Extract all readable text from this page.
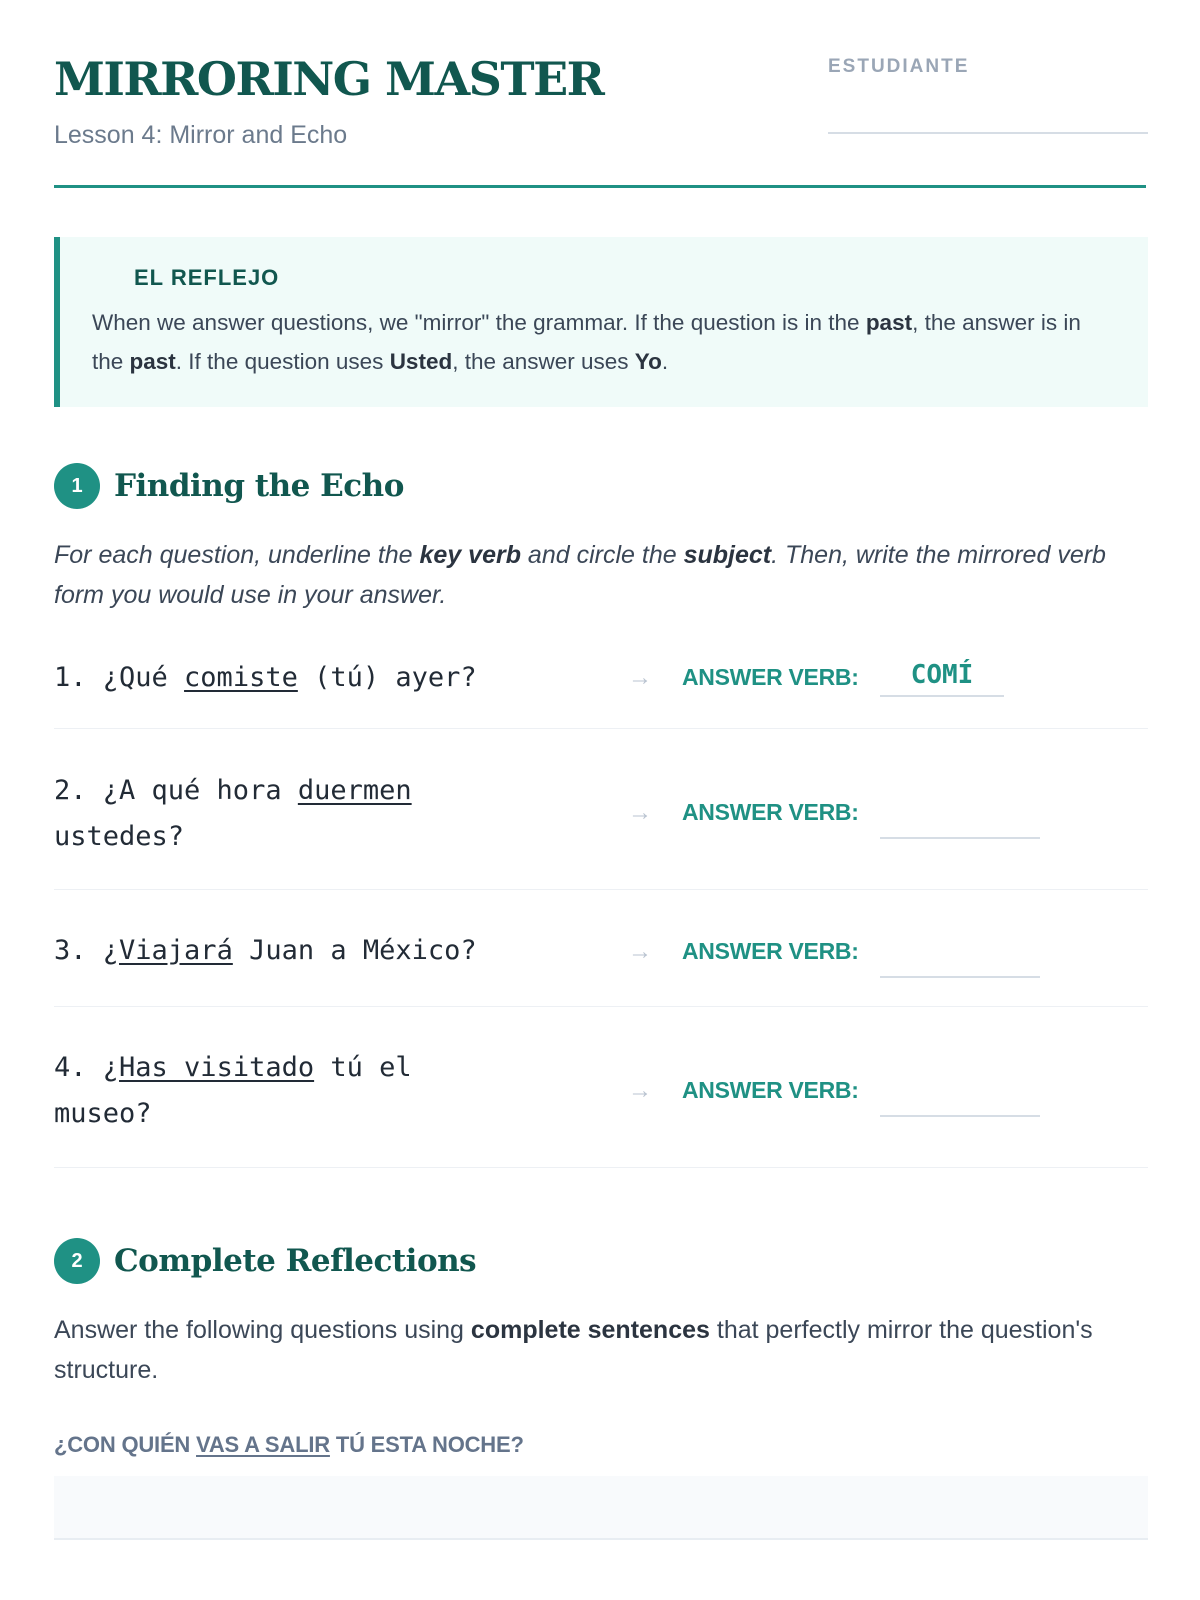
MIRRORING MASTER
Lesson 4: Mirror and Echo
ESTUDIANTE
EL REFLEJO

When we answer questions, we "mirror" the grammar. If the question is in the past, the answer is in the past. If the question uses Usted, the answer uses Yo.

1	Finding the Echo

For each question, underline the key verb and circle the subject. Then, write the mirrored verb form you would use in your answer.

1. ¿Qué comiste (tú) ayer?	→ ANSWER VERB:	COMÍ
2. ¿A qué hora duermen ustedes?
→ ANSWER VERB:
3. ¿Viajará Juan a México?	→ ANSWER VERB:
4. ¿Has visitado tú el museo?
→ ANSWER VERB:
2	Complete Reflections

Answer the following questions using complete sentences that perfectly mirror the question's structure.

¿CON QUIÉN VAS A SALIR TÚ ESTA NOCHE?
